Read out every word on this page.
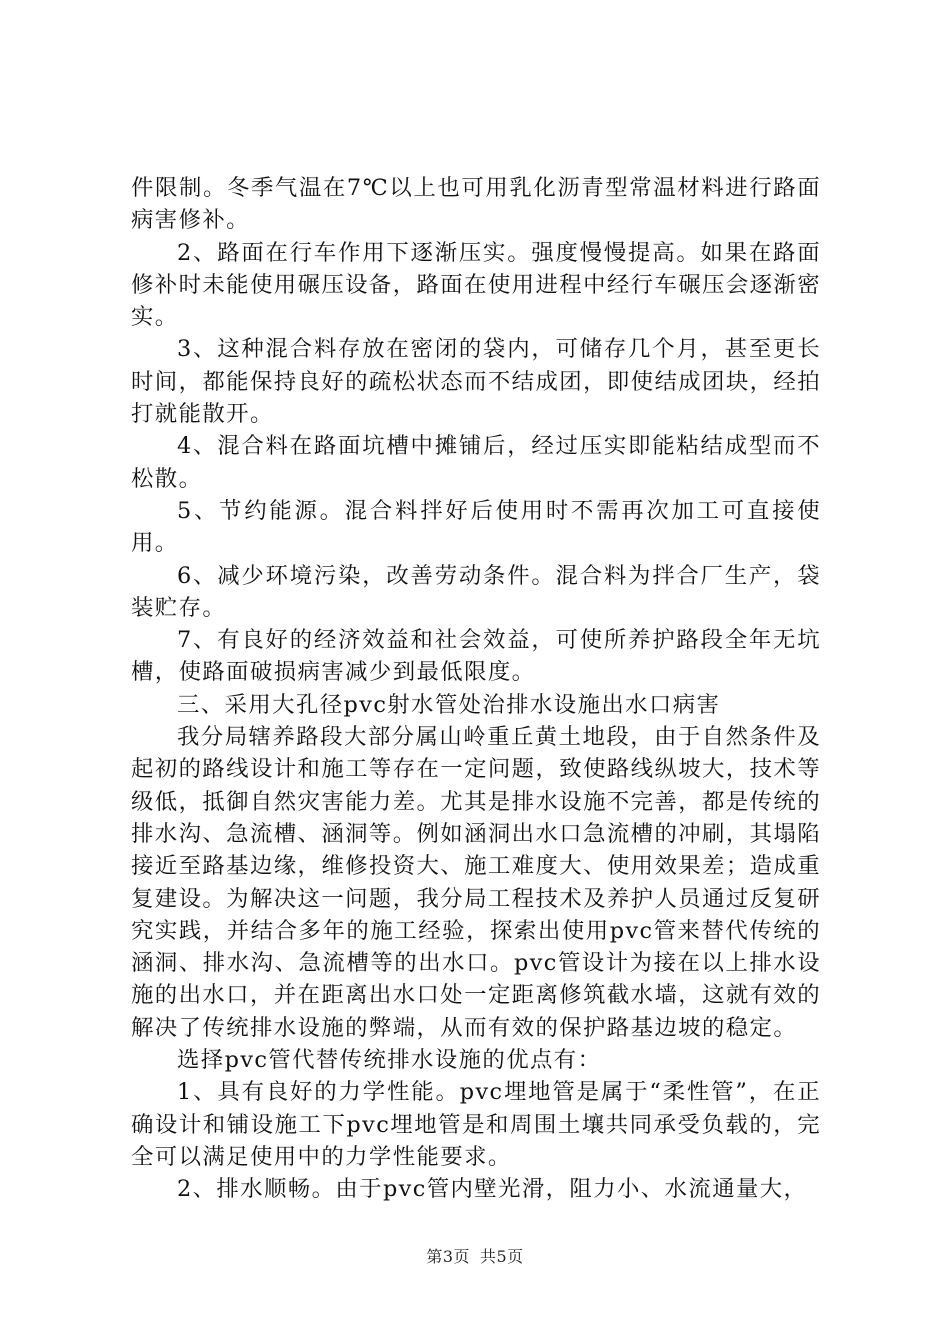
件限制。冬季气温在7℃以上也可用乳化沥青型常温材料进行路面病害修补。

2、路面在行车作用下逐渐压实。强度慢慢提高。如果在路面修补时未能使用碾压设备，路面在使用进程中经行车碾压会逐渐密实。

3、这种混合料存放在密闭的袋内，可储存几个月，甚至更长时间，都能保持良好的疏松状态而不结成团，即使结成团块，经拍打就能散开。

4、混合料在路面坑槽中摊铺后，经过压实即能粘结成型而不松散。

5、节约能源。混合料拌好后使用时不需再次加工可直接使用。

6、减少环境污染，改善劳动条件。混合料为拌合厂生产，袋装贮存。

7、有良好的经济效益和社会效益，可使所养护路段全年无坑槽，使路面破损病害减少到最低限度。

三、采用大孔径pvc射水管处治排水设施出水口病害

我分局辖养路段大部分属山岭重丘黄土地段，由于自然条件及起初的路线设计和施工等存在一定问题，致使路线纵坡大，技术等级低，抵御自然灾害能力差。尤其是排水设施不完善，都是传统的排水沟、急流槽、涵洞等。例如涵洞出水口急流槽的冲刷，其塌陷接近至路基边缘，维修投资大、施工难度大、使用效果差；造成重复建设。为解决这一问题，我分局工程技术及养护人员通过反复研究实践，并结合多年的施工经验，探索出使用pvc管来替代传统的涵洞、排水沟、急流槽等的出水口。pvc管设计为接在以上排水设施的出水口，并在距离出水口处一定距离修筑截水墙，这就有效的解决了传统排水设施的弊端，从而有效的保护路基边坡的稳定。

选择pvc管代替传统排水设施的优点有：

1、具有良好的力学性能。pvc埋地管是属于“柔性管”，在正确设计和铺设施工下pvc埋地管是和周围土壤共同承受负载的，完全可以满足使用中的力学性能要求。

2、排水顺畅。由于pvc管内壁光滑，阻力小、水流通量大，

第3页 共5页
